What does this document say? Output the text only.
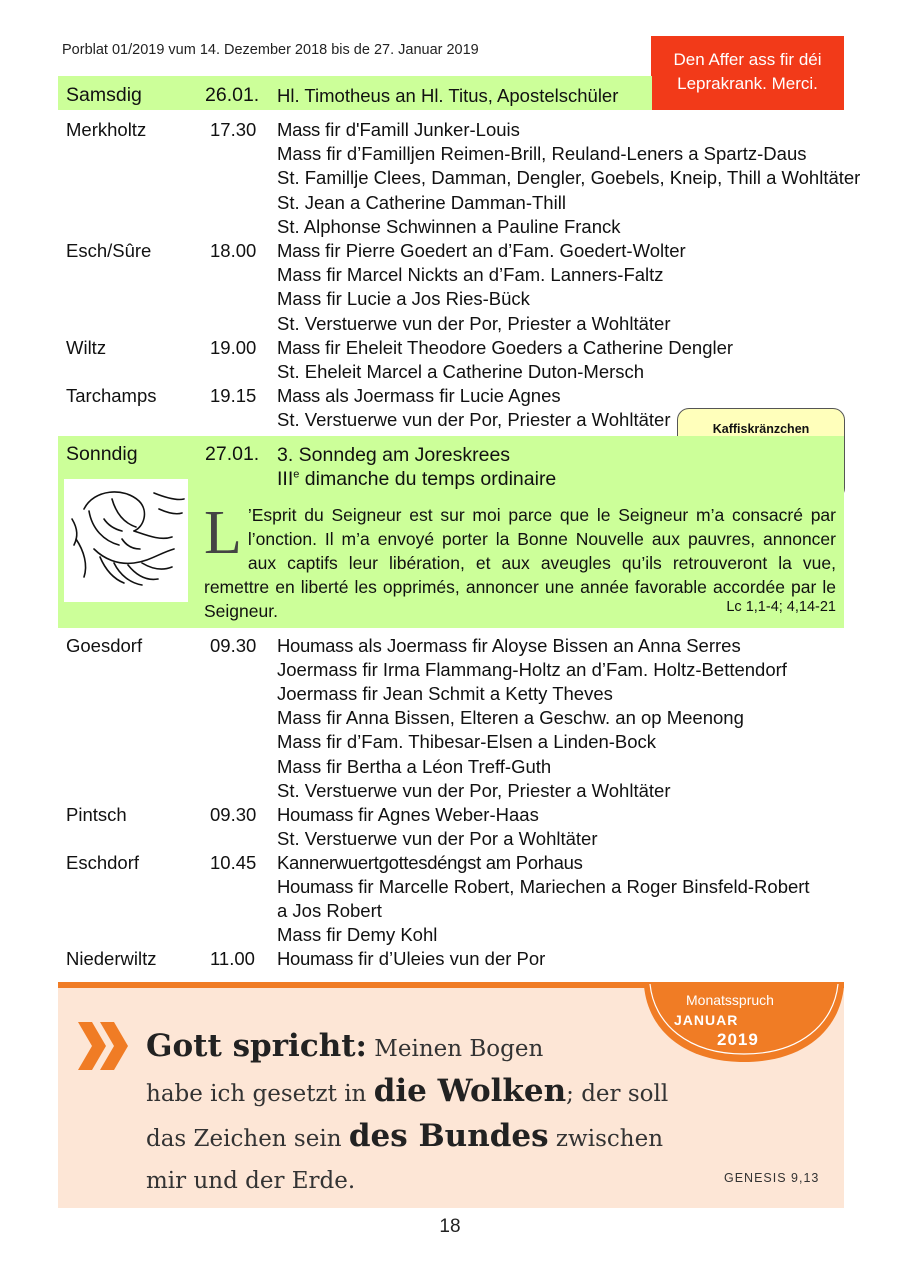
Porblat 01/2019 vum 14. Dezember 2018 bis de 27. Januar 2019	Den Affer ass fir déi
Leprakrank. Merci.
Samsdig	26.01. Hl. Timotheus an Hl. Titus, Apostelschüler
Merkholtz	17.30 Mass fir d'Famill Junker-Louis
Mass fir d’Familljen Reimen-Brill, Reuland-Leners a Spartz-Daus
St. Famillje Clees, Damman, Dengler, Goebels, Kneip, Thill a Wohltäter
St. Jean a Catherine Damman-Thill
St. Alphonse Schwinnen a Pauline Franck
Esch/Sûre	18.00 Mass fir Pierre Goedert an d’Fam. Goedert-Wolter
Mass fir Marcel Nickts an d’Fam. Lanners-Faltz
Mass fir Lucie a Jos Ries-Bück
St. Verstuerwe vun der Por, Priester a Wohltäter
Wiltz	19.00 Mass fir Eheleit Theodore Goeders a Catherine Dengler
St. Eheleit Marcel a Catherine Duton-Mersch
Tarchamps	19.15 Mass als Joermass fir Lucie Agnes
St. Verstuerwe vun der Por, Priester a Wohltäter	Kaffiskränzchen
Sonndig	27.01. 3. Sonndeg am Joreskrees
IIIe dimanche du temps ordinaire
L ’Esprit du Seigneur est sur moi parce que le Seigneur m’a consacré par l’onction. Il m’a envoyé porter la Bonne Nouvelle aux pauvres, annoncer aux captifs leur libération, et aux aveugles qu’ils retrouveront la vue, remettre en liberté les opprimés, annoncer une année favorable accordée par le Seigneur.	Lc 1,1-4; 4,14-21
Goesdorf	09.30 Houmass als Joermass fir Aloyse Bissen an Anna Serres
Joermass fir Irma Flammang-Holtz an d’Fam. Holtz-Bettendorf
Joermass fir Jean Schmit a Ketty Theves
Mass fir Anna Bissen, Elteren a Geschw. an op Meenong
Mass fir d’Fam. Thibesar-Elsen a Linden-Bock
Mass fir Bertha a Léon Treff-Guth
St. Verstuerwe vun der Por, Priester a Wohltäter
Pintsch	09.30 Houmass fir Agnes Weber-Haas
St. Verstuerwe vun der Por a Wohltäter
Eschdorf	10.45 Kannerwuertgottesdéngst am Porhaus
Houmass fir Marcelle Robert, Mariechen a Roger Binsfeld-Robert
a Jos Robert
Mass fir Demy Kohl
Niederwiltz	11.00 Houmass fir d’Uleies vun der Por
Monatsspruch
JANUAR
2019
Gott spricht: Meinen Bogen
habe ich gesetzt in die Wolken; der soll
das Zeichen sein des Bundes zwischen
mir und der Erde.	GENESIS 9,13
18
